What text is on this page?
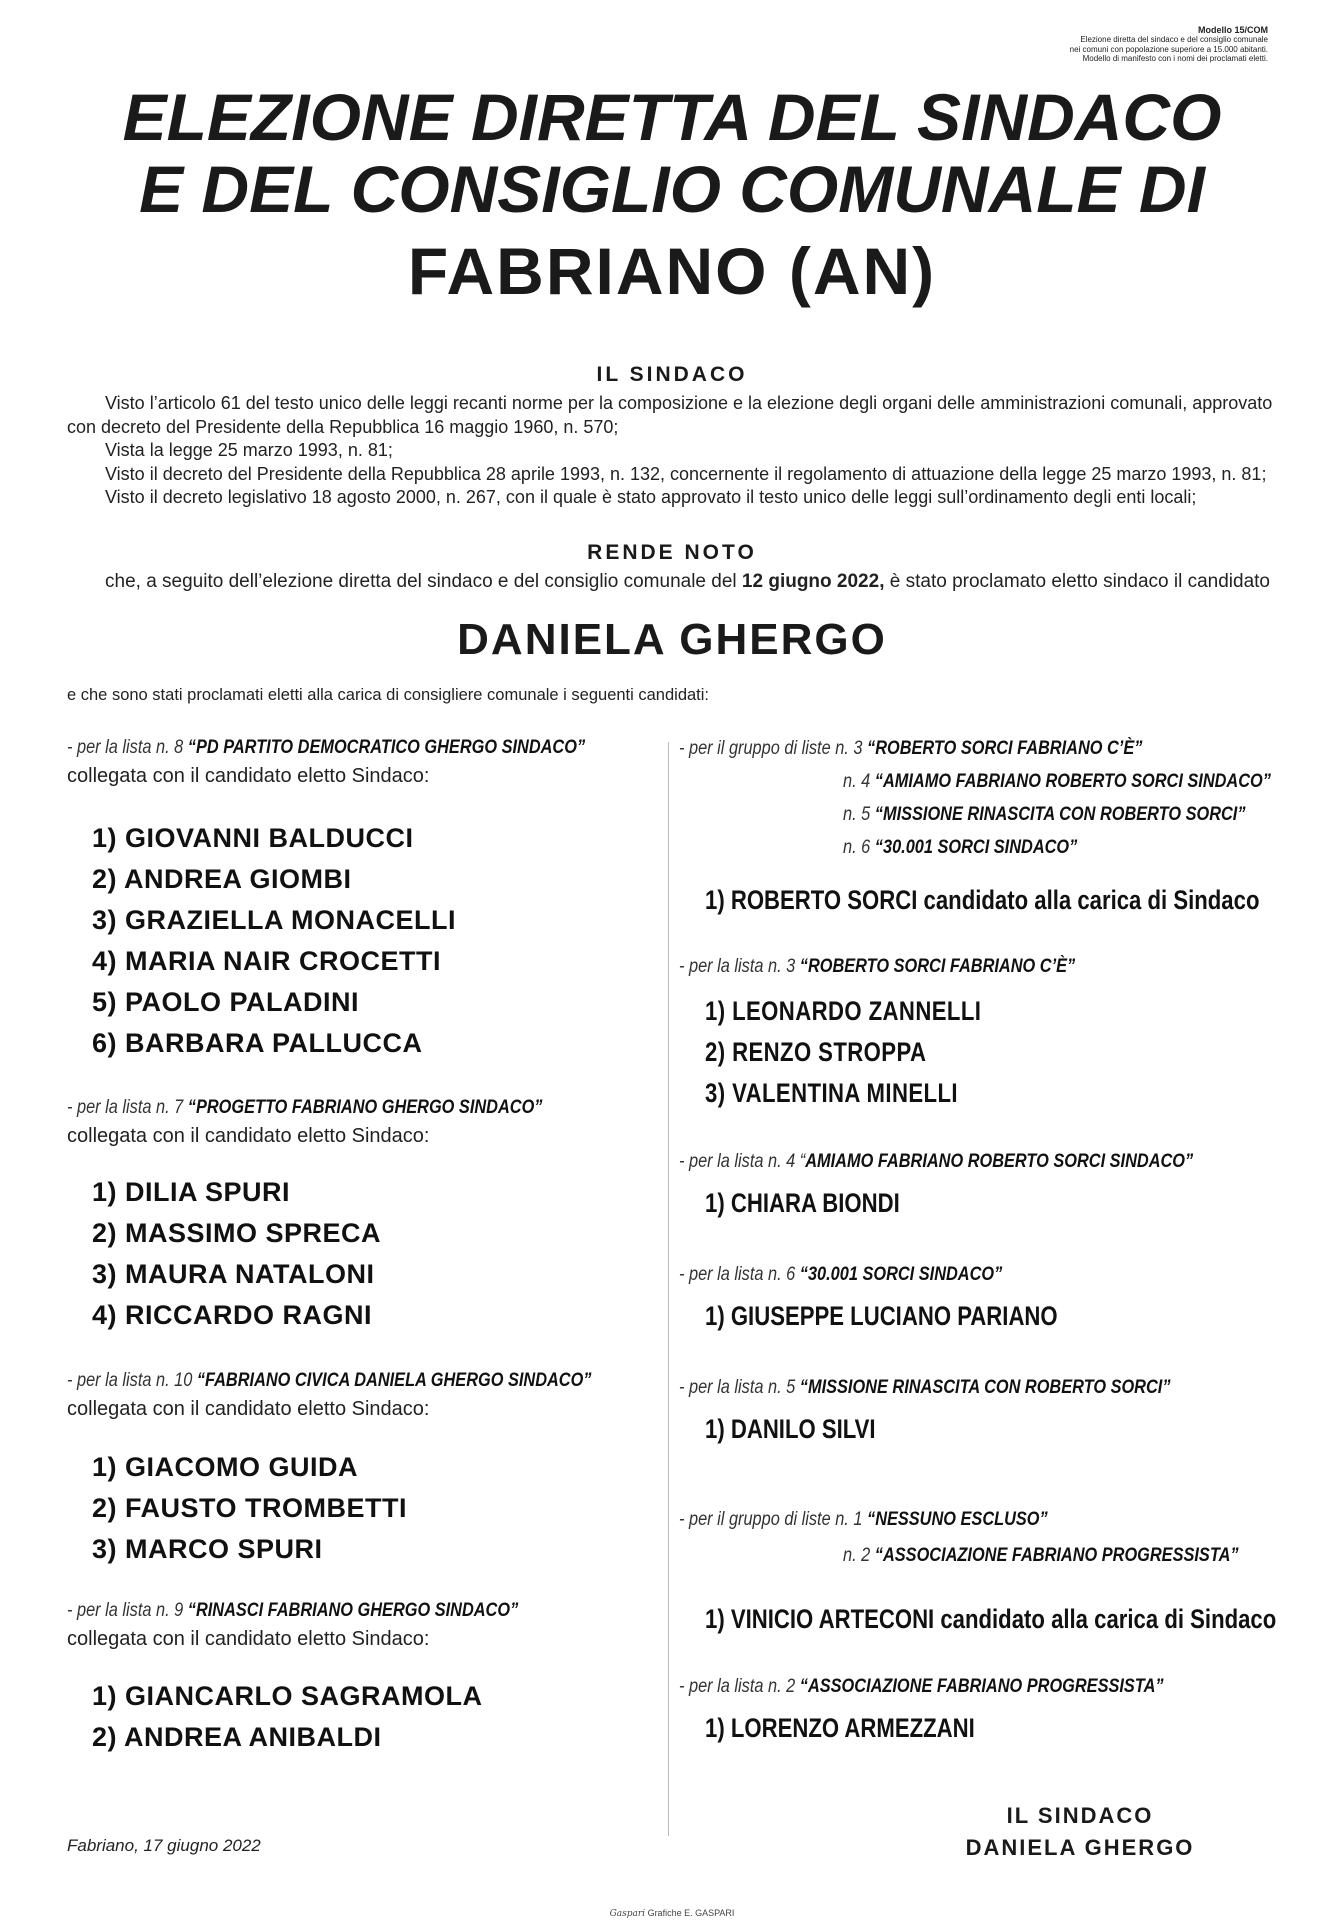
Modello 15/COM
Elezione diretta del sindaco e del consiglio comunale
nei comuni con popolazione superiore a 15.000 abitanti.
Modello di manifesto con i nomi dei proclamati eletti.
ELEZIONE DIRETTA DEL SINDACO
E DEL CONSIGLIO COMUNALE DI
FABRIANO (AN)
IL SINDACO

Visto l’articolo 61 del testo unico delle leggi recanti norme per la composizione e la elezione degli organi delle amministrazioni comunali, approvato con decreto del Presidente della Repubblica 16 maggio 1960, n. 570;

Vista la legge 25 marzo 1993, n. 81;

Visto il decreto del Presidente della Repubblica 28 aprile 1993, n. 132, concernente il regolamento di attuazione della legge 25 marzo 1993, n. 81;

Visto il decreto legislativo 18 agosto 2000, n. 267, con il quale è stato approvato il testo unico delle leggi sull’ordinamento degli enti locali;

RENDE NOTO

che, a seguito dell’elezione diretta del sindaco e del consiglio comunale del 12 giugno 2022, è stato proclamato eletto sindaco il candidato

DANIELA GHERGO
e che sono stati proclamati eletti alla carica di consigliere comunale i seguenti candidati:
- per la lista n. 8 “PD PARTITO DEMOCRATICO GHERGO SINDACO”
collegata con il candidato eletto Sindaco:
1) GIOVANNI BALDUCCI
2) ANDREA GIOMBI
3) GRAZIELLA MONACELLI
4) MARIA NAIR CROCETTI
5) PAOLO PALADINI
6) BARBARA PALLUCCA
- per la lista n. 7 “PROGETTO FABRIANO GHERGO SINDACO”
collegata con il candidato eletto Sindaco:
1) DILIA SPURI
2) MASSIMO SPRECA
3) MAURA NATALONI
4) RICCARDO RAGNI
- per la lista n. 10 “FABRIANO CIVICA DANIELA GHERGO SINDACO”
collegata con il candidato eletto Sindaco:
1) GIACOMO GUIDA
2) FAUSTO TROMBETTI
3) MARCO SPURI
- per la lista n. 9 “RINASCI FABRIANO GHERGO SINDACO”
collegata con il candidato eletto Sindaco:
1) GIANCARLO SAGRAMOLA
2) ANDREA ANIBALDI
- per il gruppo di liste n. 3 “ROBERTO SORCI FABRIANO C’È”
n. 4 “AMIAMO FABRIANO ROBERTO SORCI SINDACO”
n. 5 “MISSIONE RINASCITA CON ROBERTO SORCI”
n. 6 “30.001 SORCI SINDACO”
1) ROBERTO SORCI candidato alla carica di Sindaco
- per la lista n. 3 “ROBERTO SORCI FABRIANO C’È”
1) LEONARDO ZANNELLI
2) RENZO STROPPA
3) VALENTINA MINELLI
- per la lista n. 4 “AMIAMO FABRIANO ROBERTO SORCI SINDACO”
1) CHIARA BIONDI
- per la lista n. 6 “30.001 SORCI SINDACO”
1) GIUSEPPE LUCIANO PARIANO
- per la lista n. 5 “MISSIONE RINASCITA CON ROBERTO SORCI”
1) DANILO SILVI
- per il gruppo di liste n. 1 “NESSUNO ESCLUSO”
n. 2 “ASSOCIAZIONE FABRIANO PROGRESSISTA”
1) VINICIO ARTECONI candidato alla carica di Sindaco
- per la lista n. 2 “ASSOCIAZIONE FABRIANO PROGRESSISTA”
1) LORENZO ARMEZZANI
IL SINDACO
DANIELA GHERGO
Fabriano, 17 giugno 2022
Gaspari Grafiche E. GASPARI
